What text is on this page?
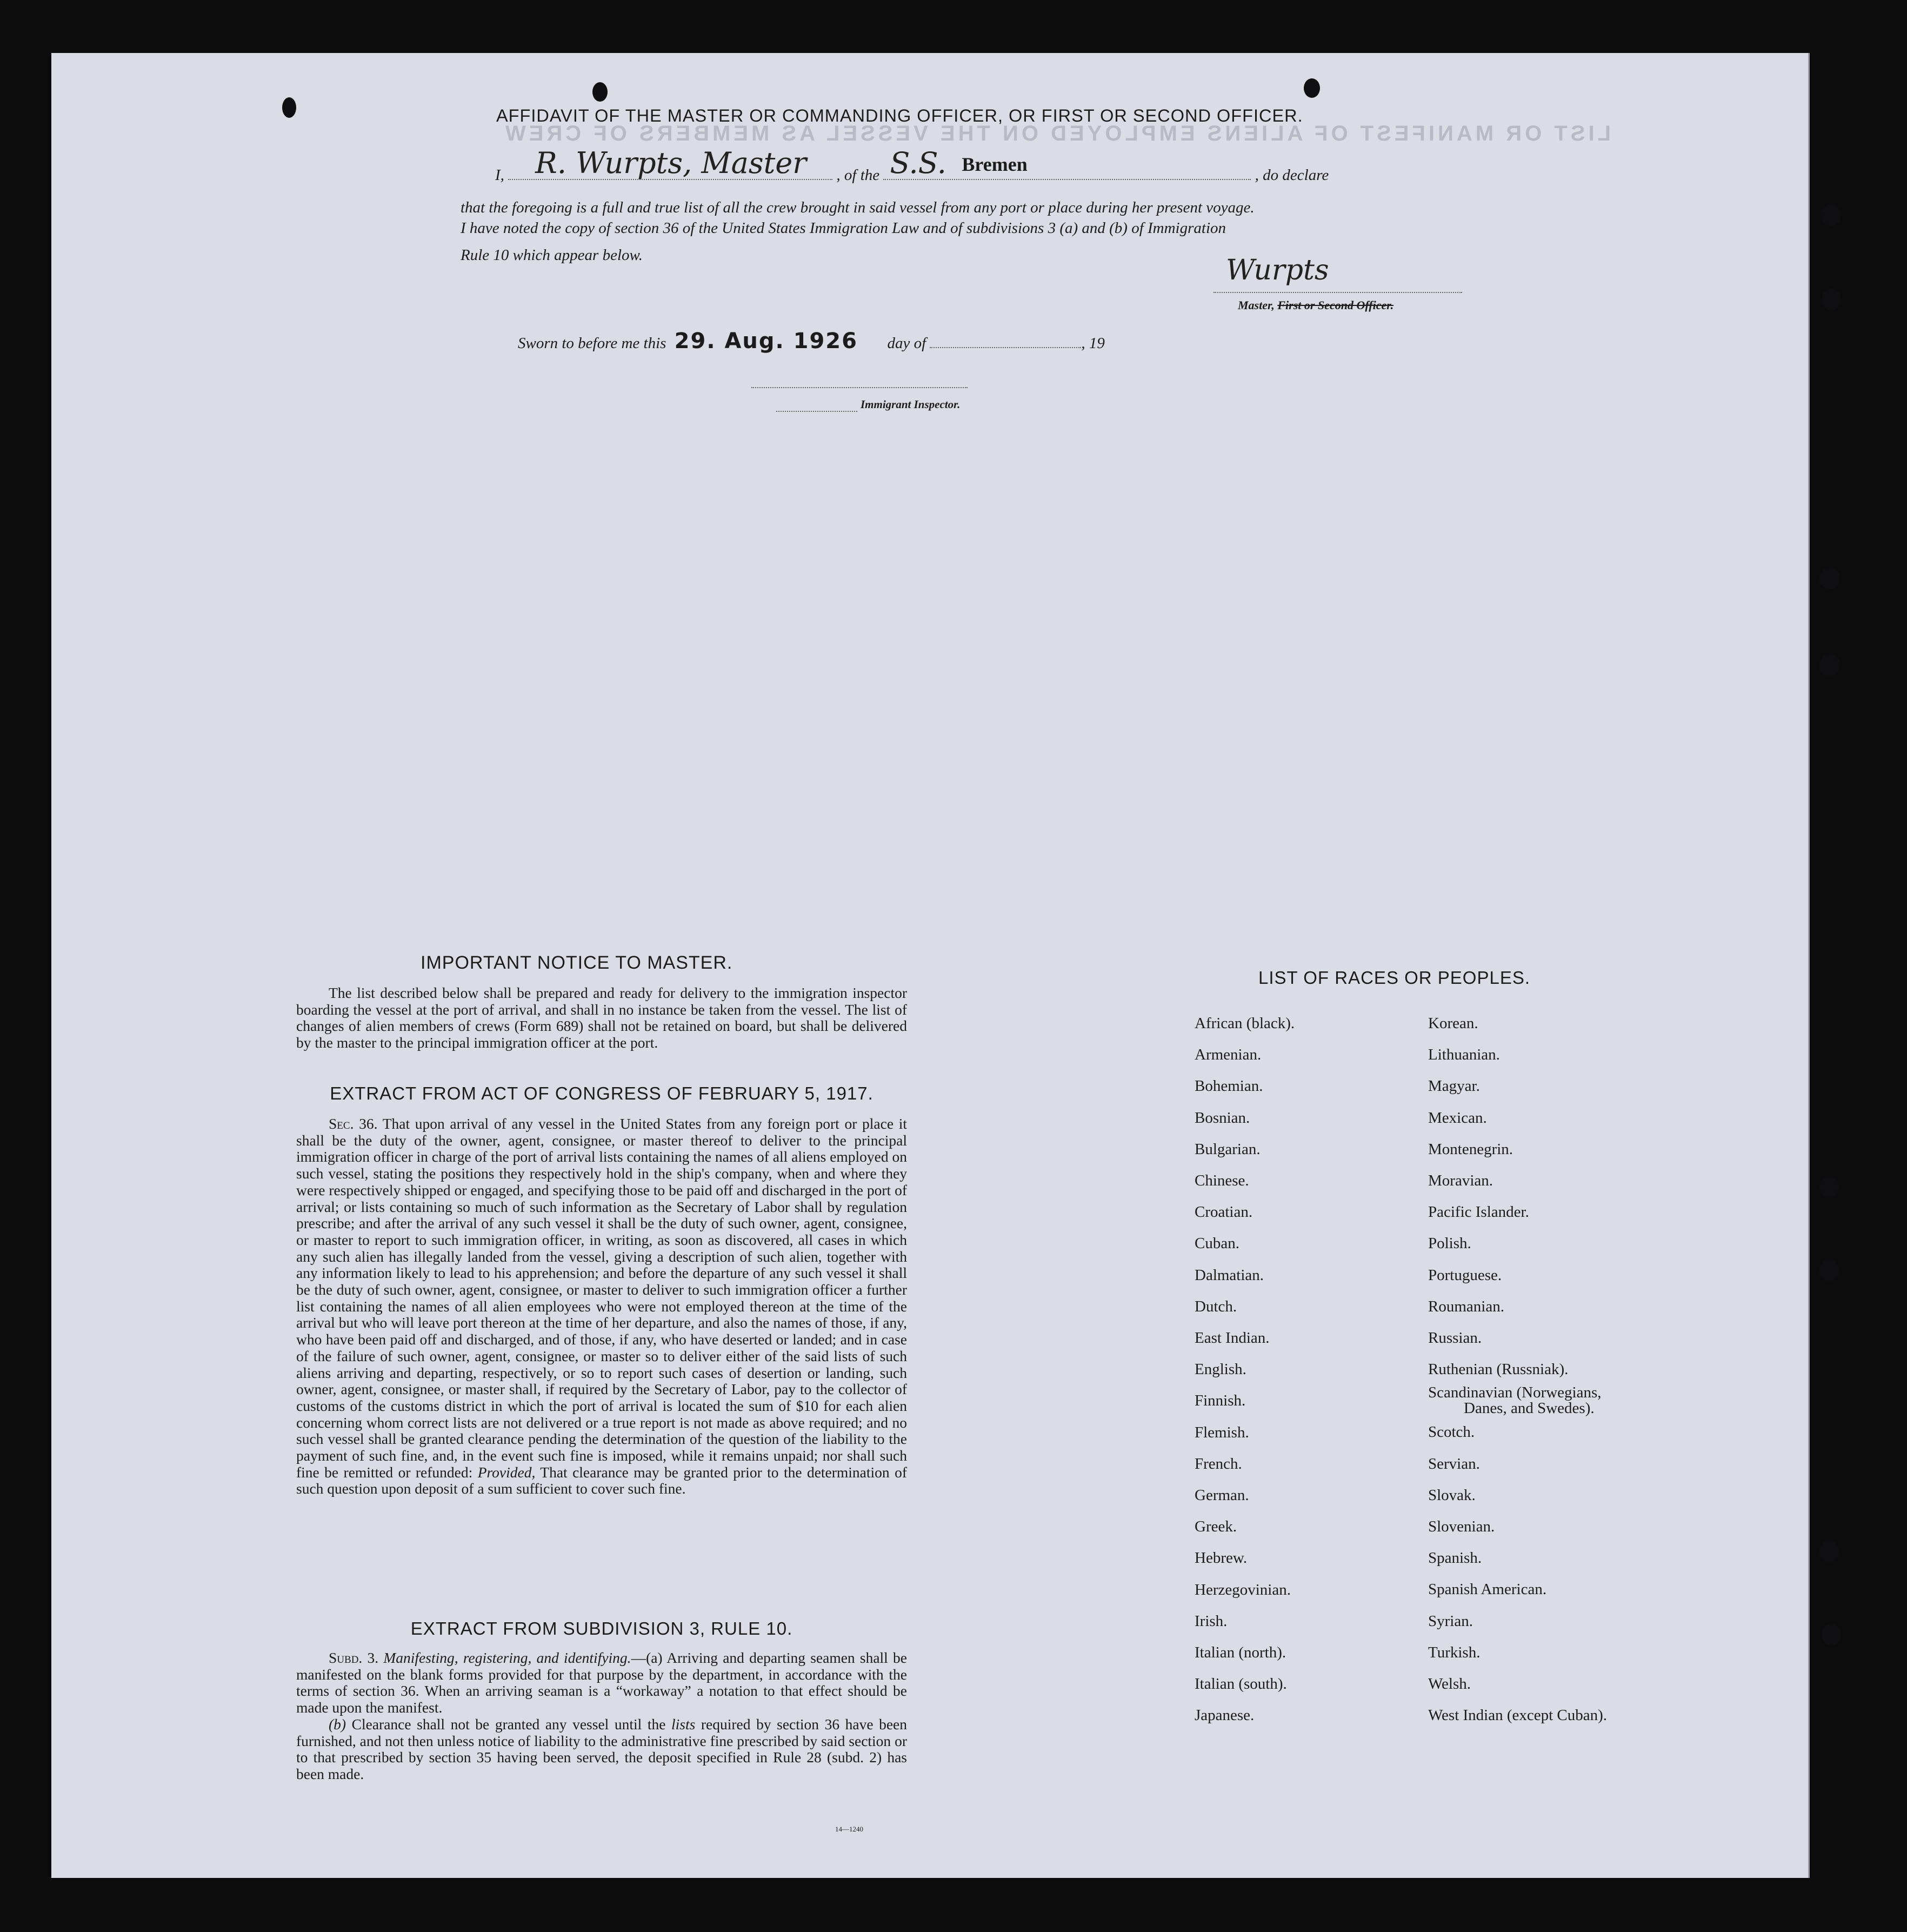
LIST OR MANIFEST OF ALIENS EMPLOYED ON THE VESSEL AS MEMBERS OF CREW
AFFIDAVIT OF THE MASTER OR COMMANDING OFFICER, OR FIRST OR SECOND OFFICER.
I, R. Wurpts, Master , of the S.S. Bremen	, do declare
that the foregoing is a full and true list of all the crew brought in said vessel from any port or place during her present voyage.
I have noted the copy of section 36 of the United States Immigration Law and of subdivisions 3 (a) and (b) of Immigration
Rule 10 which appear below.	Wurpts
Master, First or Second Officer.
Sworn to before me this 29. Aug. 1926 day of	, 19
Immigrant Inspector.
IMPORTANT NOTICE TO MASTER.

The list described below shall be prepared and ready for delivery to the immigration inspector boarding the vessel at the port of arrival, and shall in no instance be taken from the vessel. The list of changes of alien members of crews (Form 689) shall not be retained on board, but shall be delivered by the master to the principal immigration officer at the port.

EXTRACT FROM ACT OF CONGRESS OF FEBRUARY 5, 1917.

Sec. 36. That upon arrival of any vessel in the United States from any foreign port or place it shall be the duty of the owner, agent, consignee, or master thereof to deliver to the principal immigration officer in charge of the port of arrival lists containing the names of all aliens employed on such vessel, stating the positions they respectively hold in the ship's company, when and where they were respectively shipped or engaged, and specifying those to be paid off and discharged in the port of arrival; or lists containing so much of such information as the Secretary of Labor shall by regulation prescribe; and after the arrival of any such vessel it shall be the duty of such owner, agent, consignee, or master to report to such immigration officer, in writing, as soon as discovered, all cases in which any such alien has illegally landed from the vessel, giving a description of such alien, together with any information likely to lead to his apprehension; and before the departure of any such vessel it shall be the duty of such owner, agent, consignee, or master to deliver to such immigration officer a further list containing the names of all alien employees who were not employed thereon at the time of the arrival but who will leave port thereon at the time of her departure, and also the names of those, if any, who have been paid off and discharged, and of those, if any, who have deserted or landed; and in case of the failure of such owner, agent, consignee, or master so to deliver either of the said lists of such aliens arriving and departing, respectively, or so to report such cases of desertion or landing, such owner, agent, consignee, or master shall, if required by the Secretary of Labor, pay to the collector of customs of the customs district in which the port of arrival is located the sum of $10 for each alien concerning whom correct lists are not delivered or a true report is not made as above required; and no such vessel shall be granted clearance pending the determination of the question of the liability to the payment of such fine, and, in the event such fine is imposed, while it remains unpaid; nor shall such fine be remitted or refunded: Provided, That clearance may be granted prior to the determination of such question upon deposit of a sum sufficient to cover such fine.

EXTRACT FROM SUBDIVISION 3, RULE 10.

Subd. 3. Manifesting, registering, and identifying.—(a) Arriving and departing seamen shall be manifested on the blank forms provided for that purpose by the department, in accordance with the terms of section 36. When an arriving seaman is a “workaway” a notation to that effect should be made upon the manifest.

(b) Clearance shall not be granted any vessel until the lists required by section 36 have been furnished, and not then unless notice of liability to the administrative fine prescribed by said section or to that prescribed by section 35 having been served, the deposit specified in Rule 28 (subd. 2) has been made.

14—1240
LIST OF RACES OR PEOPLES.
African (black).
Armenian.
Bohemian.
Bosnian.
Bulgarian.
Chinese.
Croatian.
Cuban.
Dalmatian.
Dutch.
East Indian.
English.
Finnish.
Flemish.
French.
German.
Greek.
Hebrew.
Herzegovinian.
Irish.
Italian (north).
Italian (south).
Japanese.
Korean.
Lithuanian.
Magyar.
Mexican.
Montenegrin.
Moravian.
Pacific Islander.
Polish.
Portuguese.
Roumanian.
Russian.
Ruthenian (Russniak).
Scandinavian (Norwegians,
Danes, and Swedes).
Scotch.
Servian.
Slovak.
Slovenian.
Spanish.
Spanish American.
Syrian.
Turkish.
Welsh.
West Indian (except Cuban).
